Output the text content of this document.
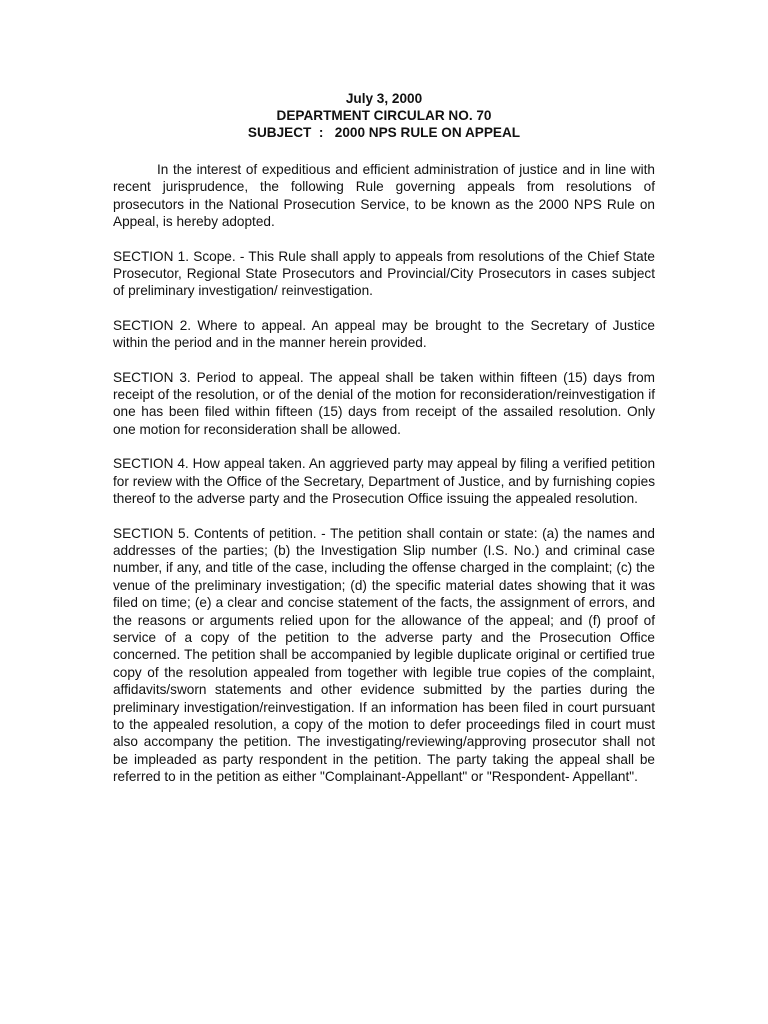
July 3, 2000
DEPARTMENT CIRCULAR NO. 70
SUBJECT  :   2000 NPS RULE ON APPEAL

In the interest of expeditious and efficient administration of justice and in line with recent jurisprudence, the following Rule governing appeals from resolutions of prosecutors in the National Prosecution Service, to be known as the 2000 NPS Rule on Appeal, is hereby adopted.

SECTION 1. Scope. - This Rule shall apply to appeals from resolutions of the Chief State Prosecutor, Regional State Prosecutors and Provincial/City Prosecutors in cases subject of preliminary investigation/ reinvestigation.

SECTION 2. Where to appeal. An appeal may be brought to the Secretary of Justice within the period and in the manner herein provided.

SECTION 3. Period to appeal. The appeal shall be taken within fifteen (15) days from receipt of the resolution, or of the denial of the motion for reconsideration/reinvestigation if one has been filed within fifteen (15) days from receipt of the assailed resolution. Only one motion for reconsideration shall be allowed.

SECTION 4. How appeal taken. An aggrieved party may appeal by filing a verified petition for review with the Office of the Secretary, Department of Justice, and by furnishing copies thereof to the adverse party and the Prosecution Office issuing the appealed resolution.

SECTION 5. Contents of petition. - The petition shall contain or state: (a) the names and addresses of the parties; (b) the Investigation Slip number (I.S. No.) and criminal case number, if any, and title of the case, including the offense charged in the complaint; (c) the venue of the preliminary investigation; (d) the specific material dates showing that it was filed on time; (e) a clear and concise statement of the facts, the assignment of errors, and the reasons or arguments relied upon for the allowance of the appeal; and (f) proof of service of a copy of the petition to the adverse party and the Prosecution Office concerned. The petition shall be accompanied by legible duplicate original or certified true copy of the resolution appealed from together with legible true copies of the complaint, affidavits/sworn statements and other evidence submitted by the parties during the preliminary investigation/reinvestigation. If an information has been filed in court pursuant to the appealed resolution, a copy of the motion to defer proceedings filed in court must also accompany the petition. The investigating/reviewing/approving prosecutor shall not be impleaded as party respondent in the petition. The party taking the appeal shall be referred to in the petition as either "Complainant-Appellant" or "Respondent- Appellant".
